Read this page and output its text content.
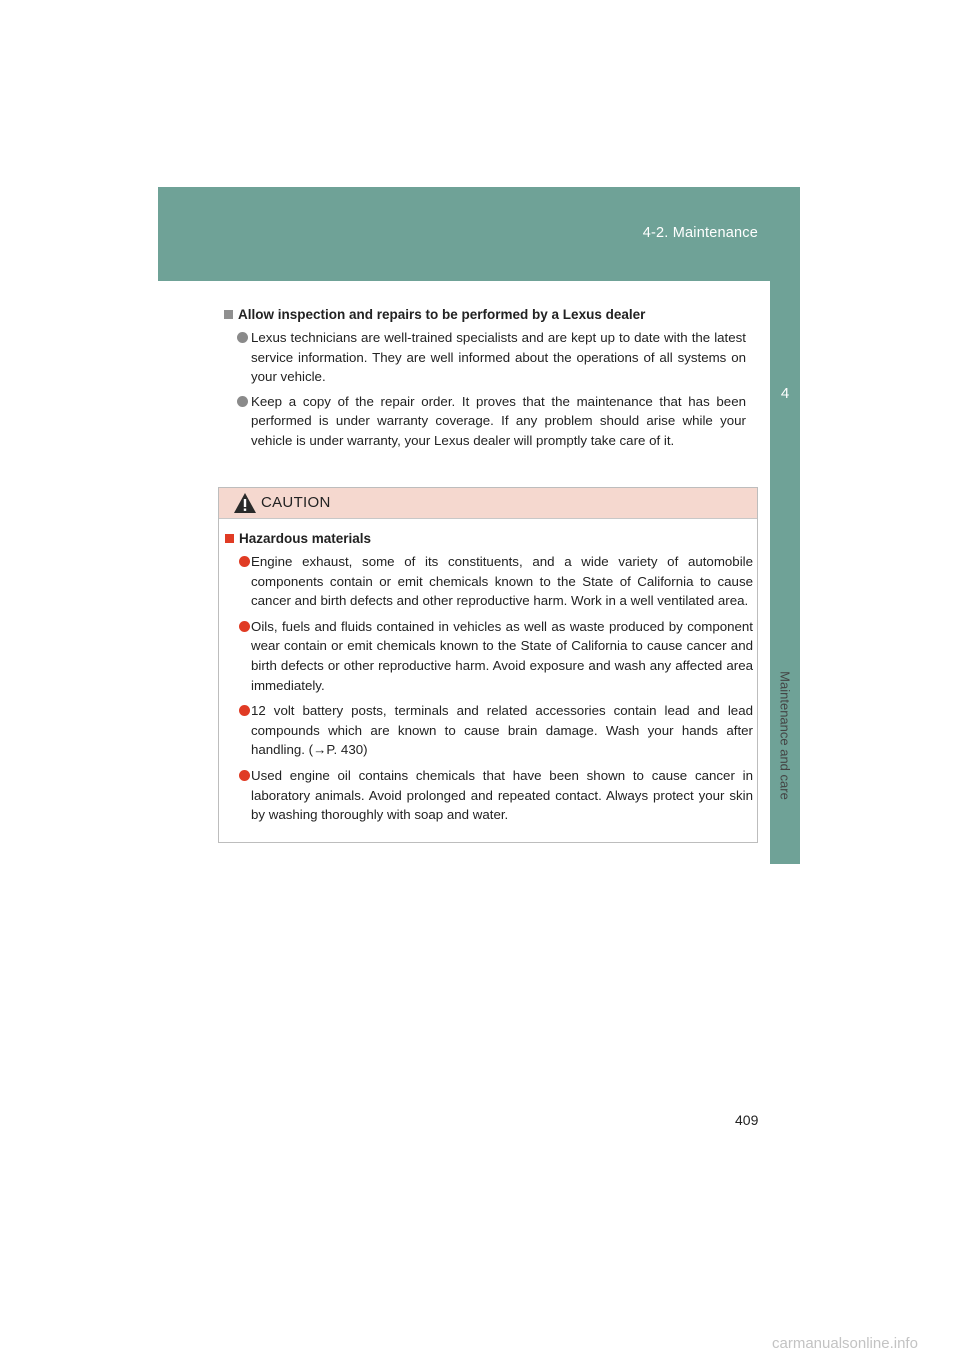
4-2. Maintenance
4
Maintenance and care
Allow inspection and repairs to be performed by a Lexus dealer
Lexus technicians are well-trained specialists and are kept up to date with the latest service information. They are well informed about the operations of all systems on your vehicle.
Keep a copy of the repair order. It proves that the maintenance that has been performed is under warranty coverage. If any problem should arise while your vehicle is under warranty, your Lexus dealer will promptly take care of it.
CAUTION
Hazardous materials
Engine exhaust, some of its constituents, and a wide variety of automobile components contain or emit chemicals known to the State of California to cause cancer and birth defects and other reproductive harm. Work in a well ventilated area.
Oils, fuels and fluids contained in vehicles as well as waste produced by component wear contain or emit chemicals known to the State of California to cause cancer and birth defects or other reproductive harm. Avoid exposure and wash any affected area immediately.
12 volt battery posts, terminals and related accessories contain lead and lead compounds which are known to cause brain damage. Wash your hands after handling. (→P. 430)
Used engine oil contains chemicals that have been shown to cause cancer in laboratory animals. Avoid prolonged and repeated contact. Always protect your skin by washing thoroughly with soap and water.
409
carmanualsonline.info
